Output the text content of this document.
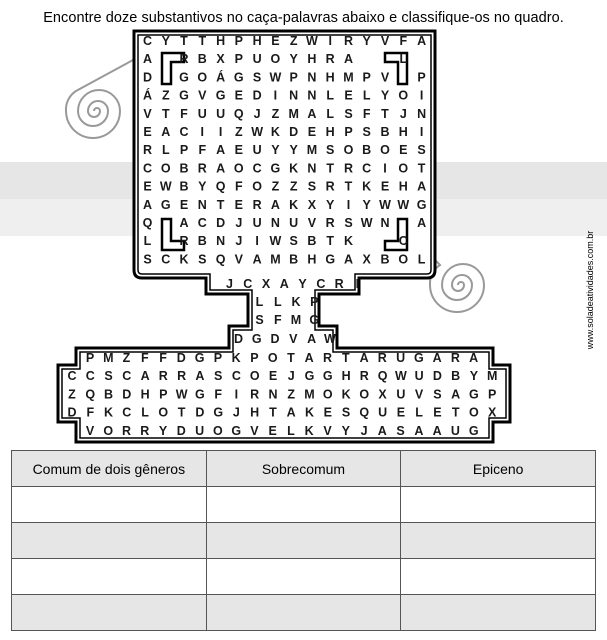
Encontre doze substantivos no caça-palavras abaixo e classifique-os no quadro.
www.soladeatividades.com.br
C Y T T H P H E Z W I R Y V F A
A R B X P U O Y H R A	L
D G O Á G S W P N H M P V P
Á Z G V G E D I N N L E L Y O I
V T F U U Q J Z M A L S F T J N
E A C I I Z W K D E H P S B H I
R L P F A E U Y Y M S O B O E S
C O B R A O C G K N T R C I O T
E W B Y Q F O Z Z S R T K E H A
A G E N T E R A K X Y I Y W W G
Q A C D J U N U V R S W N A
L R B N J I W S B T K	C
S C K S Q V A M B H G A X B O L
J C X A Y C R I
L L K P
S F M G
D G D V A W
P M Z F F D G P K P O T A R T A R U G A R A
C C S C A R R A S C O E J G G H R Q W U D B Y M
Z Q B D H P W G F I R N Z M O K O X U V S A G P
D F K C L O T D G J H T A K E S Q U E L E T O X
V O R R Y D U O G V E L K V Y J A S A A U G
Comum de dois gêneros	Sobrecomum	Epiceno
